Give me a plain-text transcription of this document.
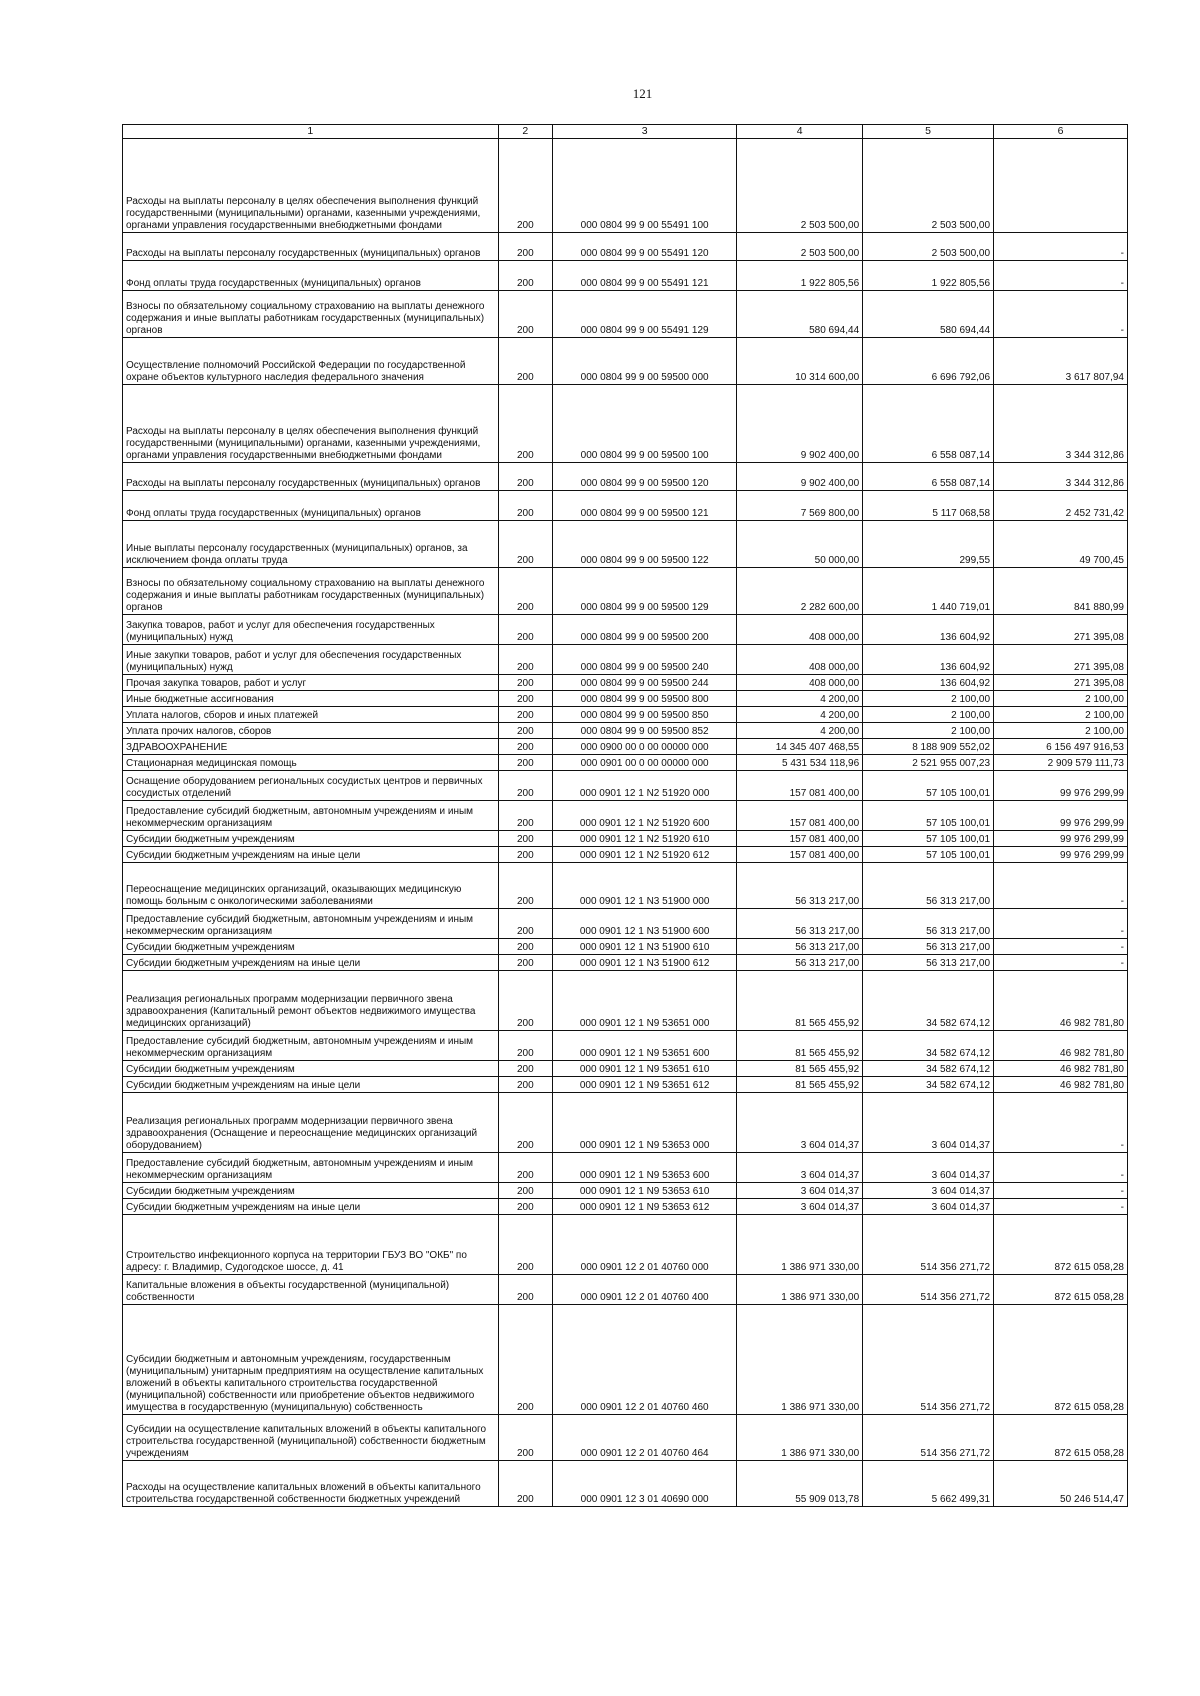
121
1	2	3	4	5	6
Расходы на выплаты персоналу в целях обеспечения выполнения функций государственными (муниципальными) органами, казенными учреждениями, органами управления государственными внебюджетными фондами	200	000 0804 99 9 00 55491 100	2 503 500,00	2 503 500,00	
Расходы на выплаты персоналу государственных (муниципальных) органов	200	000 0804 99 9 00 55491 120	2 503 500,00	2 503 500,00	-
Фонд оплаты труда государственных (муниципальных) органов	200	000 0804 99 9 00 55491 121	1 922 805,56	1 922 805,56	-
Взносы по обязательному социальному страхованию на выплаты денежного содержания и иные выплаты работникам государственных (муниципальных) органов	200	000 0804 99 9 00 55491 129	580 694,44	580 694,44	-
Осуществление полномочий Российской Федерации по государственной охране объектов культурного наследия федерального значения	200	000 0804 99 9 00 59500 000	10 314 600,00	6 696 792,06	3 617 807,94
Расходы на выплаты персоналу в целях обеспечения выполнения функций государственными (муниципальными) органами, казенными учреждениями, органами управления государственными внебюджетными фондами	200	000 0804 99 9 00 59500 100	9 902 400,00	6 558 087,14	3 344 312,86
Расходы на выплаты персоналу государственных (муниципальных) органов	200	000 0804 99 9 00 59500 120	9 902 400,00	6 558 087,14	3 344 312,86
Фонд оплаты труда государственных (муниципальных) органов	200	000 0804 99 9 00 59500 121	7 569 800,00	5 117 068,58	2 452 731,42
Иные выплаты персоналу государственных (муниципальных) органов, за исключением фонда оплаты труда	200	000 0804 99 9 00 59500 122	50 000,00	299,55	49 700,45
Взносы по обязательному социальному страхованию на выплаты денежного содержания и иные выплаты работникам государственных (муниципальных) органов	200	000 0804 99 9 00 59500 129	2 282 600,00	1 440 719,01	841 880,99
Закупка товаров, работ и услуг для обеспечения государственных (муниципальных) нужд	200	000 0804 99 9 00 59500 200	408 000,00	136 604,92	271 395,08
Иные закупки товаров, работ и услуг для обеспечения государственных (муниципальных) нужд	200	000 0804 99 9 00 59500 240	408 000,00	136 604,92	271 395,08
Прочая закупка товаров, работ и услуг	200	000 0804 99 9 00 59500 244	408 000,00	136 604,92	271 395,08
Иные бюджетные ассигнования	200	000 0804 99 9 00 59500 800	4 200,00	2 100,00	2 100,00
Уплата налогов, сборов и иных платежей	200	000 0804 99 9 00 59500 850	4 200,00	2 100,00	2 100,00
Уплата прочих налогов, сборов	200	000 0804 99 9 00 59500 852	4 200,00	2 100,00	2 100,00
ЗДРАВООХРАНЕНИЕ	200	000 0900 00 0 00 00000 000	14 345 407 468,55	8 188 909 552,02	6 156 497 916,53
Стационарная медицинская помощь	200	000 0901 00 0 00 00000 000	5 431 534 118,96	2 521 955 007,23	2 909 579 111,73
Оснащение оборудованием региональных сосудистых центров и первичных сосудистых отделений	200	000 0901 12 1 N2 51920 000	157 081 400,00	57 105 100,01	99 976 299,99
Предоставление субсидий бюджетным, автономным учреждениям и иным некоммерческим организациям	200	000 0901 12 1 N2 51920 600	157 081 400,00	57 105 100,01	99 976 299,99
Субсидии бюджетным учреждениям	200	000 0901 12 1 N2 51920 610	157 081 400,00	57 105 100,01	99 976 299,99
Субсидии бюджетным учреждениям на иные цели	200	000 0901 12 1 N2 51920 612	157 081 400,00	57 105 100,01	99 976 299,99
Переоснащение медицинских организаций, оказывающих медицинскую помощь больным с онкологическими заболеваниями	200	000 0901 12 1 N3 51900 000	56 313 217,00	56 313 217,00	-
Предоставление субсидий бюджетным, автономным учреждениям и иным некоммерческим организациям	200	000 0901 12 1 N3 51900 600	56 313 217,00	56 313 217,00	-
Субсидии бюджетным учреждениям	200	000 0901 12 1 N3 51900 610	56 313 217,00	56 313 217,00	-
Субсидии бюджетным учреждениям на иные цели	200	000 0901 12 1 N3 51900 612	56 313 217,00	56 313 217,00	-
Реализация региональных программ модернизации первичного звена здравоохранения (Капитальный ремонт объектов недвижимого имущества медицинских организаций)	200	000 0901 12 1 N9 53651 000	81 565 455,92	34 582 674,12	46 982 781,80
Предоставление субсидий бюджетным, автономным учреждениям и иным некоммерческим организациям	200	000 0901 12 1 N9 53651 600	81 565 455,92	34 582 674,12	46 982 781,80
Субсидии бюджетным учреждениям	200	000 0901 12 1 N9 53651 610	81 565 455,92	34 582 674,12	46 982 781,80
Субсидии бюджетным учреждениям на иные цели	200	000 0901 12 1 N9 53651 612	81 565 455,92	34 582 674,12	46 982 781,80
Реализация региональных программ модернизации первичного звена здравоохранения (Оснащение и переоснащение медицинских организаций оборудованием)	200	000 0901 12 1 N9 53653 000	3 604 014,37	3 604 014,37	-
Предоставление субсидий бюджетным, автономным учреждениям и иным некоммерческим организациям	200	000 0901 12 1 N9 53653 600	3 604 014,37	3 604 014,37	-
Субсидии бюджетным учреждениям	200	000 0901 12 1 N9 53653 610	3 604 014,37	3 604 014,37	-
Субсидии бюджетным учреждениям на иные цели	200	000 0901 12 1 N9 53653 612	3 604 014,37	3 604 014,37	-
Строительство инфекционного корпуса на территории ГБУЗ ВО "ОКБ" по адресу: г. Владимир, Судогодское шоссе, д. 41	200	000 0901 12 2 01 40760 000	1 386 971 330,00	514 356 271,72	872 615 058,28
Капитальные вложения в объекты государственной (муниципальной) собственности	200	000 0901 12 2 01 40760 400	1 386 971 330,00	514 356 271,72	872 615 058,28
Субсидии бюджетным и автономным учреждениям, государственным (муниципальным) унитарным предприятиям на осуществление капитальных вложений в объекты капитального строительства государственной (муниципальной) собственности или приобретение объектов недвижимого имущества в государственную (муниципальную) собственность	200	000 0901 12 2 01 40760 460	1 386 971 330,00	514 356 271,72	872 615 058,28
Субсидии на осуществление капитальных вложений в объекты капитального строительства государственной (муниципальной) собственности бюджетным учреждениям	200	000 0901 12 2 01 40760 464	1 386 971 330,00	514 356 271,72	872 615 058,28
Расходы на осуществление капитальных вложений в объекты капитального строительства государственной собственности бюджетных учреждений	200	000 0901 12 3 01 40690 000	55 909 013,78	5 662 499,31	50 246 514,47
